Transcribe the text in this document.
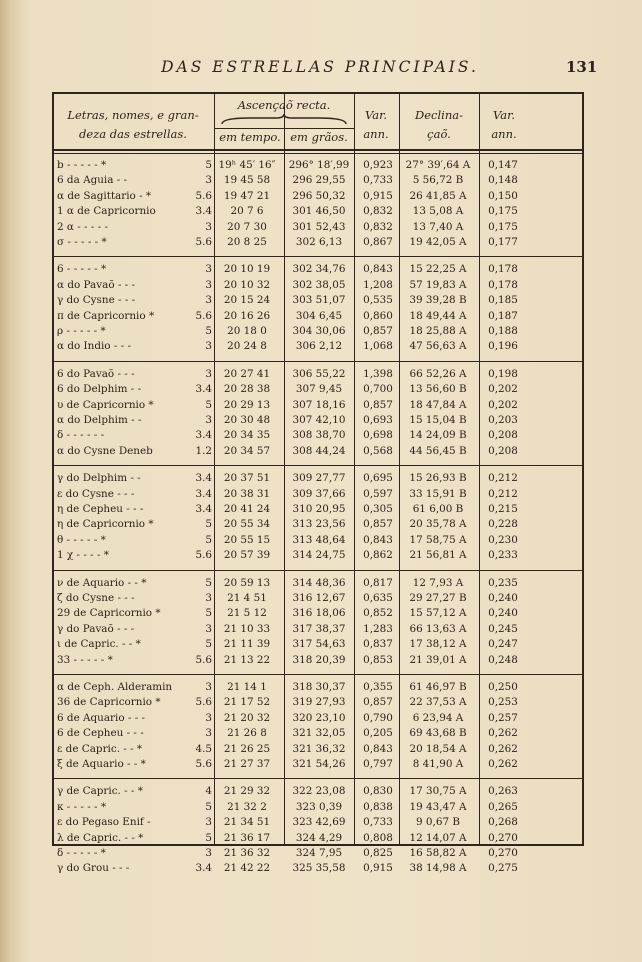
DAS ESTRELLAS PRINCIPAIS.	131
Letras, nomes, e gran- deza das estrellas.
Ascençaõ recta.
em tempo. em grãos.
Var. ann.
Declina- çaõ.
Var. ann.
b - - - - - *	5 19ʰ 45′ 16″	296° 18′,99	0,923	27° 39′,64 A	0,147
6 da Aguia - -	3	19 45 58	296 29,55	0,733	5 56,72 B	0,148
α de Sagittario - *	5.6	19 47 21	296 50,32	0,915	26 41,85 A	0,150
1 α de Capricornio	3.4	20 7 6	301 46,50	0,832	13 5,08 A	0,175
2 α - - - - -	3	20 7 30	301 52,43	0,832	13 7,40 A	0,175
σ - - - - - *	5.6	20 8 25	302 6,13	0,867	19 42,05 A	0,177
6 - - - - - *	3	20 10 19	302 34,76	0,843	15 22,25 A	0,178
α do Pavaõ - - -	3	20 10 32	302 38,05	1,208	57 19,83 A	0,178
γ do Cysne - - -	3	20 15 24	303 51,07	0,535	39 39,28 B	0,185
π de Capricornio *	5.6	20 16 26	304 6,45	0,860	18 49,44 A	0,187
ρ - - - - - *	5	20 18 0	304 30,06	0,857	18 25,88 A	0,188
α do Indio - - -	3	20 24 8	306 2,12	1,068	47 56,63 A	0,196
6 do Pavaõ - - -	3	20 27 41	306 55,22	1,398	66 52,26 A	0,198
6 do Delphim - -	3.4	20 28 38	307 9,45	0,700	13 56,60 B	0,202
υ de Capricornio *	5	20 29 13	307 18,16	0,857	18 47,84 A	0,202
α do Delphim - -	3	20 30 48	307 42,10	0,693	15 15,04 B	0,203
δ - - - - - -	3.4	20 34 35	308 38,70	0,698	14 24,09 B	0,208
α do Cysne Deneb	1.2	20 34 57	308 44,24	0,568	44 56,45 B	0,208
γ do Delphim - -	3.4	20 37 51	309 27,77	0,695	15 26,93 B	0,212
ε do Cysne - - -	3.4	20 38 31	309 37,66	0,597	33 15,91 B	0,212
η de Cepheu - - -	3.4	20 41 24	310 20,95	0,305	61 6,00 B	0,215
η de Capricornio *	5	20 55 34	313 23,56	0,857	20 35,78 A	0,228
θ - - - - - *	5	20 55 15	313 48,64	0,843	17 58,75 A	0,230
1 χ - - - - *	5.6	20 57 39	314 24,75	0,862	21 56,81 A	0,233
ν de Aquario - - *	5	20 59 13	314 48,36	0,817	12 7,93 A	0,235
ζ do Cysne - - -	3	21 4 51	316 12,67	0,635	29 27,27 B	0,240
29 de Capricornio *	5	21 5 12	316 18,06	0,852	15 57,12 A	0,240
γ do Pavaõ - - -	3	21 10 33	317 38,37	1,283	66 13,63 A	0,245
ι de Capric. - - *	5	21 11 39	317 54,63	0,837	17 38,12 A	0,247
33 - - - - - *	5.6	21 13 22	318 20,39	0,853	21 39,01 A	0,248
α de Ceph. Alderamin	3	21 14 1	318 30,37	0,355	61 46,97 B	0,250
36 de Capricornio *	5.6	21 17 52	319 27,93	0,857	22 37,53 A	0,253
6 de Aquario - - -	3	21 20 32	320 23,10	0,790	6 23,94 A	0,257
6 de Cepheu - - -	3	21 26 8	321 32,05	0,205	69 43,68 B	0,262
ε de Capric. - - *	4.5	21 26 25	321 36,32	0,843	20 18,54 A	0,262
ξ de Aquario - - *	5.6	21 27 37	321 54,26	0,797	8 41,90 A	0,262
γ de Capric. - - *	4	21 29 32	322 23,08	0,830	17 30,75 A	0,263
κ - - - - - *	5	21 32 2	323 0,39	0,838	19 43,47 A	0,265
ε do Pegaso Enif -	3	21 34 51	323 42,69	0,733	9 0,67 B	0,268
λ de Capric. - - *	5	21 36 17	324 4,29	0,808	12 14,07 A	0,270
δ - - - - - *	3	21 36 32	324 7,95	0,825	16 58,82 A	0,270
γ do Grou - - -	3.4	21 42 22	325 35,58	0,915	38 14,98 A	0,275
